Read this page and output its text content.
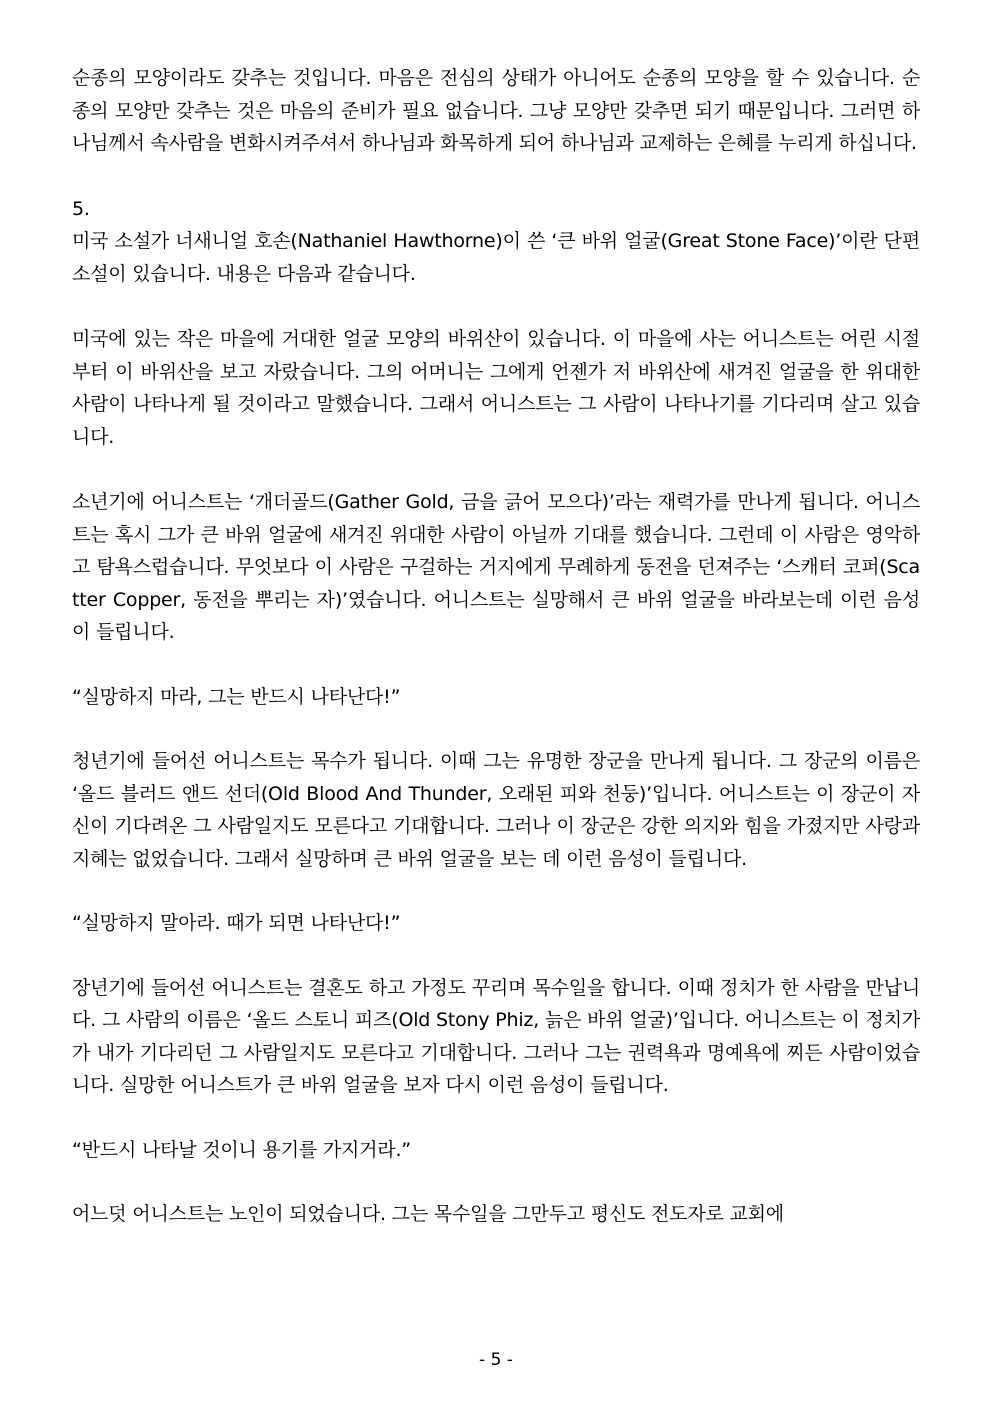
순종의 모양이라도 갖추는 것입니다. 마음은 전심의 상태가 아니어도 순종의 모양을 할 수 있습니다. 순종의 모양만 갖추는 것은 마음의 준비가 필요 없습니다. 그냥 모양만 갖추면 되기 때문입니다. 그러면 하나님께서 속사람을 변화시켜주셔서 하나님과 화목하게 되어 하나님과 교제하는 은혜를 누리게 하십니다.

5.

미국 소설가 너새니얼 호손(Nathaniel Hawthorne)이 쓴 ‘큰 바위 얼굴(Great Stone Face)’이란 단편소설이 있습니다. 내용은 다음과 같습니다.

미국에 있는 작은 마을에 거대한 얼굴 모양의 바위산이 있습니다. 이 마을에 사는 어니스트는 어린 시절부터 이 바위산을 보고 자랐습니다. 그의 어머니는 그에게 언젠가 저 바위산에 새겨진 얼굴을 한 위대한 사람이 나타나게 될 것이라고 말했습니다. 그래서 어니스트는 그 사람이 나타나기를 기다리며 살고 있습니다.

소년기에 어니스트는 ‘개더골드(Gather Gold, 금을 긁어 모으다)’라는 재력가를 만나게 됩니다. 어니스트는 혹시 그가 큰 바위 얼굴에 새겨진 위대한 사람이 아닐까 기대를 했습니다. 그런데 이 사람은 영악하고 탐욕스럽습니다. 무엇보다 이 사람은 구걸하는 거지에게 무례하게 동전을 던져주는 ‘스캐터 코퍼(Scatter Copper, 동전을 뿌리는 자)’였습니다. 어니스트는 실망해서 큰 바위 얼굴을 바라보는데 이런 음성이 들립니다.

“실망하지 마라, 그는 반드시 나타난다!”

청년기에 들어선 어니스트는 목수가 됩니다. 이때 그는 유명한 장군을 만나게 됩니다. 그 장군의 이름은 ‘올드 블러드 앤드 선더(Old Blood And Thunder, 오래된 피와 천둥)’입니다. 어니스트는 이 장군이 자신이 기다려온 그 사람일지도 모른다고 기대합니다. 그러나 이 장군은 강한 의지와 힘을 가졌지만 사랑과 지혜는 없었습니다. 그래서 실망하며 큰 바위 얼굴을 보는 데 이런 음성이 들립니다.

“실망하지 말아라. 때가 되면 나타난다!”

장년기에 들어선 어니스트는 결혼도 하고 가정도 꾸리며 목수일을 합니다. 이때 정치가 한 사람을 만납니다. 그 사람의 이름은 ‘올드 스토니 피즈(Old Stony Phiz, 늙은 바위 얼굴)’입니다. 어니스트는 이 정치가가 내가 기다리던 그 사람일지도 모른다고 기대합니다. 그러나 그는 권력욕과 명예욕에 찌든 사람이었습니다. 실망한 어니스트가 큰 바위 얼굴을 보자 다시 이런 음성이 들립니다.

“반드시 나타날 것이니 용기를 가지거라.”

어느덧 어니스트는 노인이 되었습니다. 그는 목수일을 그만두고 평신도 전도자로 교회에

- 5 -
